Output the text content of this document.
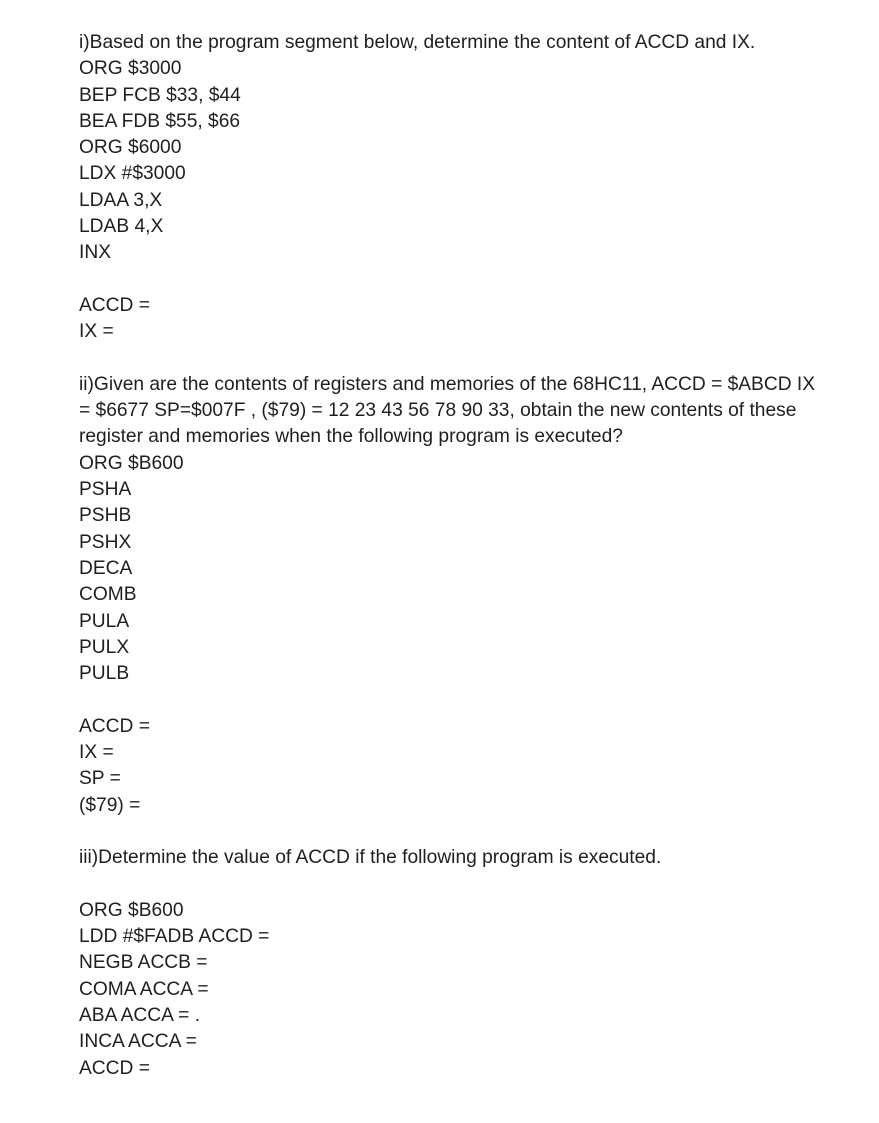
i)Based on the program segment below, determine the content of ACCD and IX.
ORG $3000
BEP FCB $33, $44
BEA FDB $55, $66
ORG $6000
LDX #$3000
LDAA 3,X
LDAB 4,X
INX
ACCD =
IX =
ii)Given are the contents of registers and memories of the 68HC11, ACCD = $ABCD IX
= $6677 SP=$007F , ($79) = 12 23 43 56 78 90 33, obtain the new contents of these
register and memories when the following program is executed?
ORG $B600
PSHA
PSHB
PSHX
DECA
COMB
PULA
PULX
PULB
ACCD =
IX =
SP =
($79) =
iii)Determine the value of ACCD if the following program is executed.
ORG $B600
LDD #$FADB ACCD =
NEGB ACCB =
COMA ACCA =
ABA ACCA = .
INCA ACCA =
ACCD =
